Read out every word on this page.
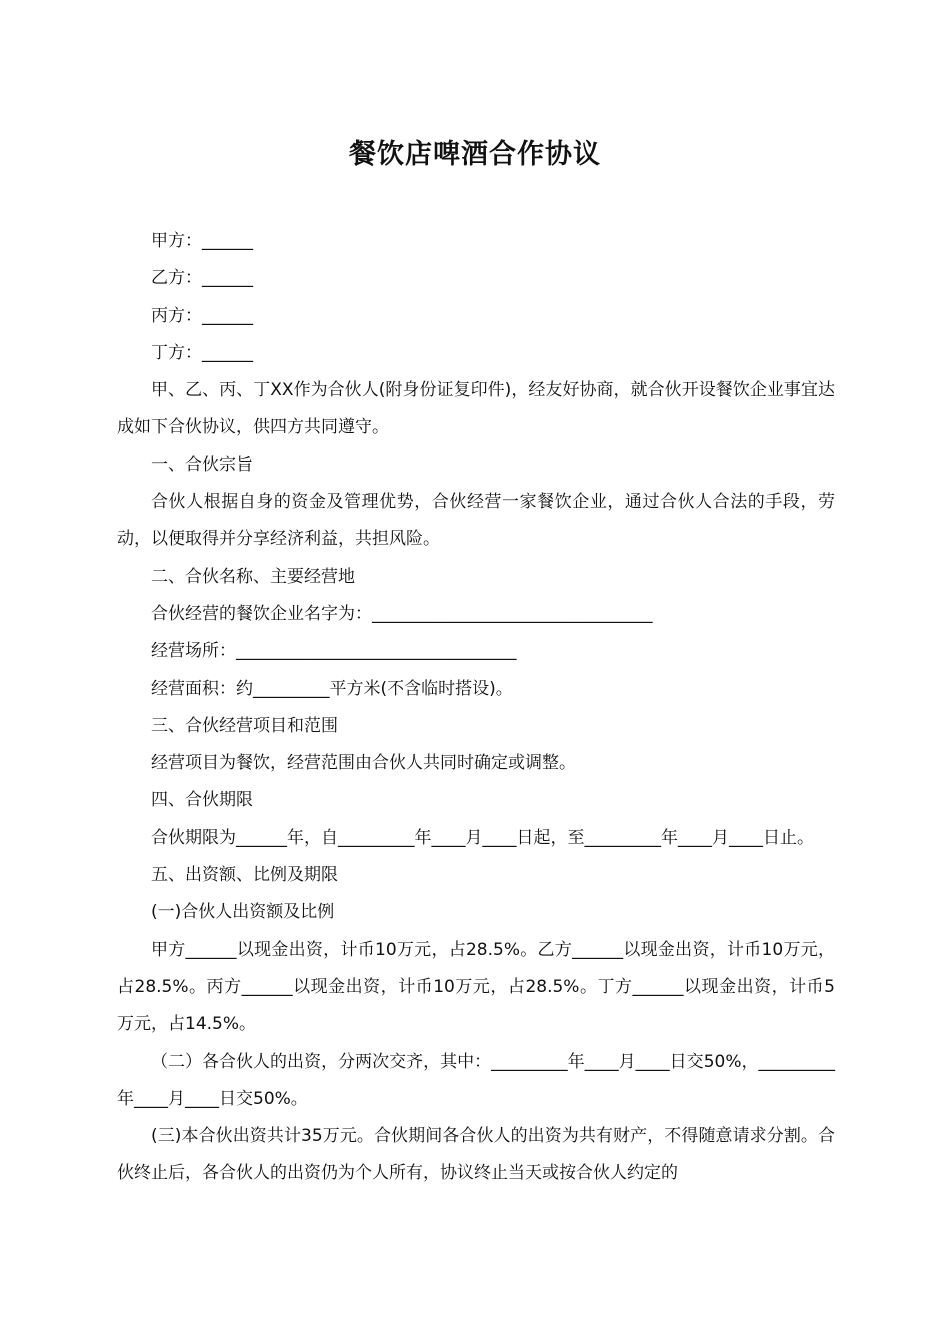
餐饮店啤酒合作协议

甲方：______

乙方：______

丙方：______

丁方：______

甲、乙、丙、丁XX作为合伙人(附身份证复印件)，经友好协商，就合伙开设餐饮企业事宜达成如下合伙协议，供四方共同遵守。

一、合伙宗旨

合伙人根据自身的资金及管理优势，合伙经营一家餐饮企业，通过合伙人合法的手段，劳动，以便取得并分享经济利益，共担风险。

二、合伙名称、主要经营地

合伙经营的餐饮企业名字为：_________________________________

经营场所：_________________________________

经营面积：约_________平方米(不含临时搭设)。

三、合伙经营项目和范围

经营项目为餐饮，经营范围由合伙人共同时确定或调整。

四、合伙期限

合伙期限为______年，自_________年____月____日起，至_________年____月____日止。

五、出资额、比例及期限

(一)合伙人出资额及比例

甲方______以现金出资，计币10万元，占28.5%。乙方______以现金出资，计币10万元，占28.5%。丙方______以现金出资，计币10万元，占28.5%。丁方______以现金出资，计币5万元，占14.5%。

（二）各合伙人的出资，分两次交齐，其中：_________年____月____日交50%，_________年____月____日交50%。

(三)本合伙出资共计35万元。合伙期间各合伙人的出资为共有财产，不得随意请求分割。合伙终止后，各合伙人的出资仍为个人所有，协议终止当天或按合伙人约定的
